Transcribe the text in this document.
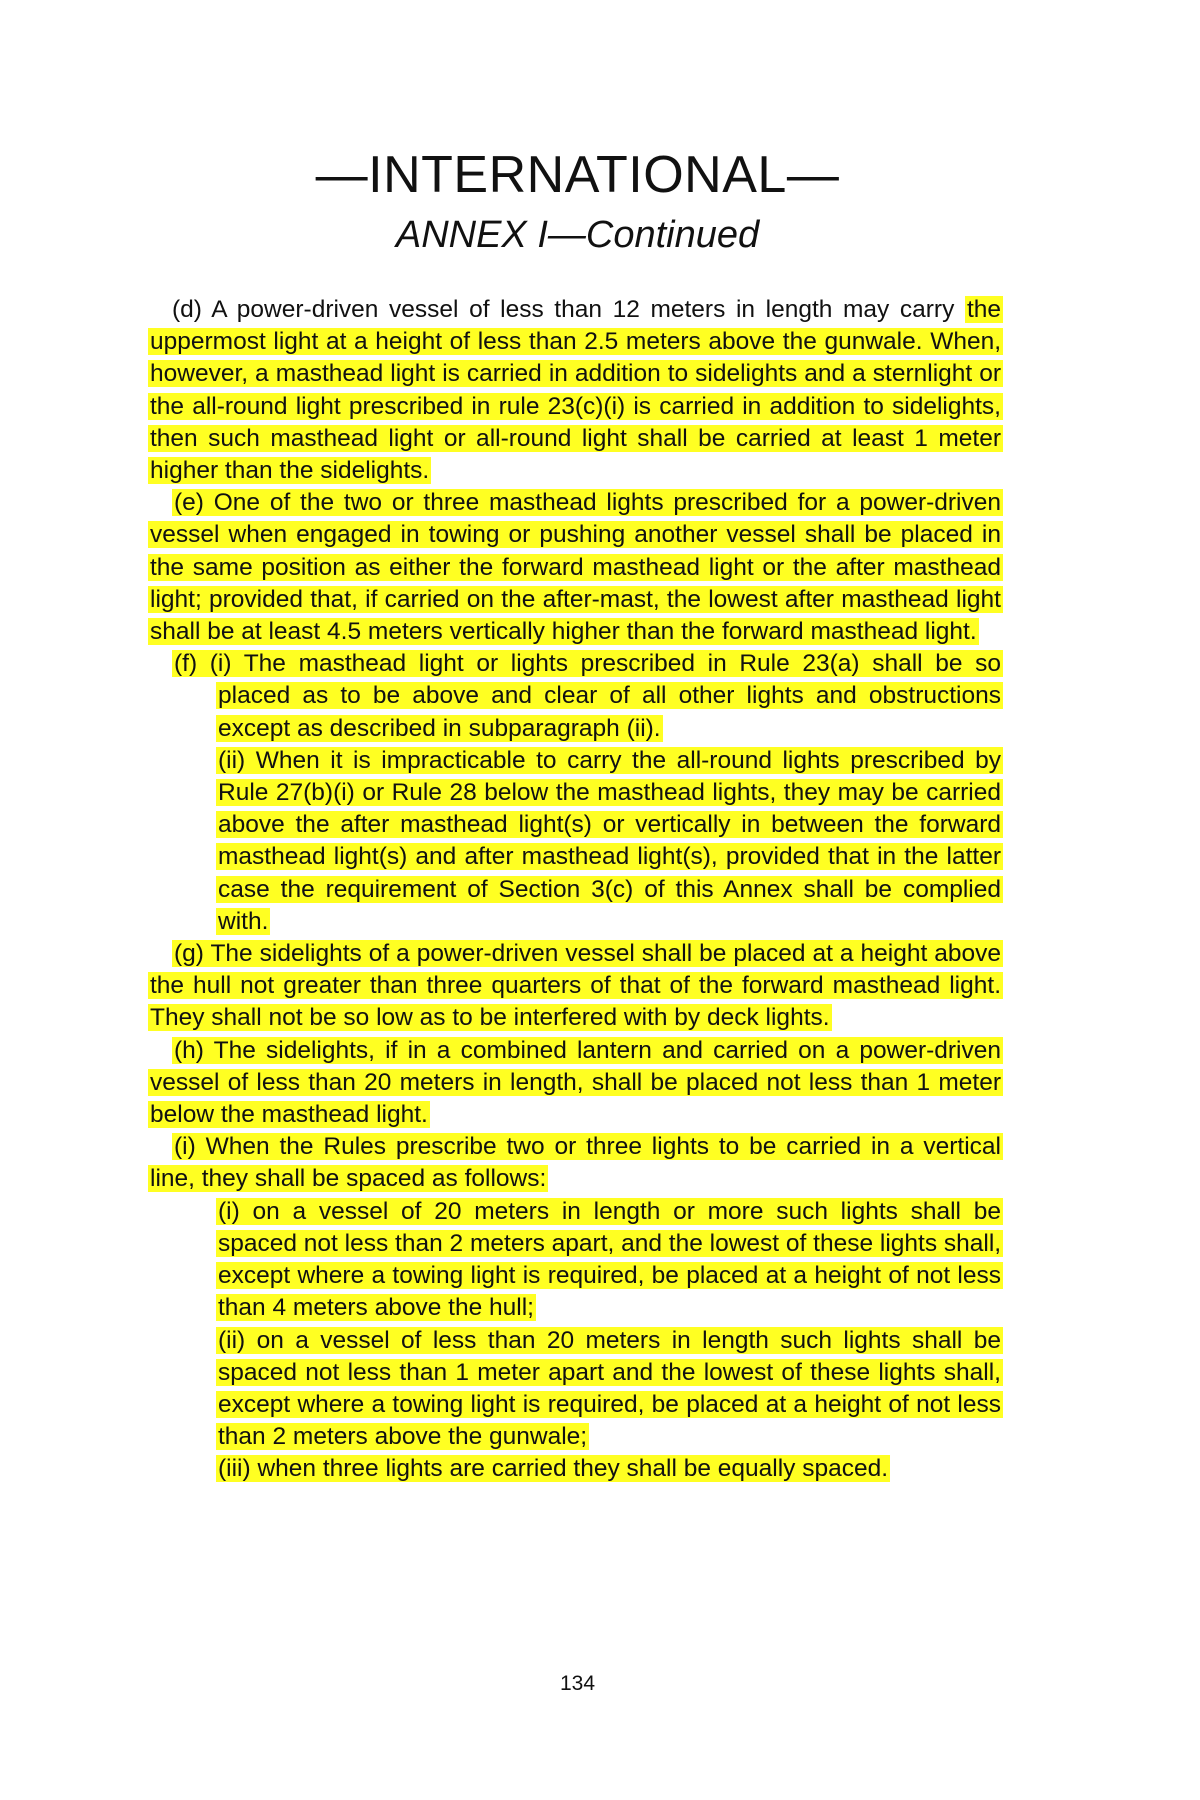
—INTERNATIONAL—
ANNEX I—Continued

(d) A power-driven vessel of less than 12 meters in length may carry the uppermost light at a height of less than 2.5 meters above the gunwale. When, however, a masthead light is carried in addition to sidelights and a sternlight or the all-round light prescribed in rule 23(c)(i) is carried in addition to sidelights, then such masthead light or all-round light shall be carried at least 1 meter higher than the sidelights.

(e) One of the two or three masthead lights prescribed for a power-driven vessel when engaged in towing or pushing another vessel shall be placed in the same position as either the forward masthead light or the after masthead light; provided that, if carried on the after-mast, the lowest after masthead light shall be at least 4.5 meters vertically higher than the forward masthead light.

(f) (i) The masthead light or lights prescribed in Rule 23(a) shall be so placed as to be above and clear of all other lights and obstructions except as described in subparagraph (ii).

(ii) When it is impracticable to carry the all-round lights prescribed by Rule 27(b)(i) or Rule 28 below the masthead lights, they may be carried above the after masthead light(s) or vertically in between the forward masthead light(s) and after masthead light(s), provided that in the latter case the requirement of Section 3(c) of this Annex shall be complied with.

(g) The sidelights of a power-driven vessel shall be placed at a height above the hull not greater than three quarters of that of the forward masthead light. They shall not be so low as to be interfered with by deck lights.

(h) The sidelights, if in a combined lantern and carried on a power-driven vessel of less than 20 meters in length, shall be placed not less than 1 meter below the masthead light.

(i) When the Rules prescribe two or three lights to be carried in a vertical line, they shall be spaced as follows:

(i) on a vessel of 20 meters in length or more such lights shall be spaced not less than 2 meters apart, and the lowest of these lights shall, except where a towing light is required, be placed at a height of not less than 4 meters above the hull;

(ii) on a vessel of less than 20 meters in length such lights shall be spaced not less than 1 meter apart and the lowest of these lights shall, except where a towing light is required, be placed at a height of not less than 2 meters above the gunwale;

(iii) when three lights are carried they shall be equally spaced.

134
